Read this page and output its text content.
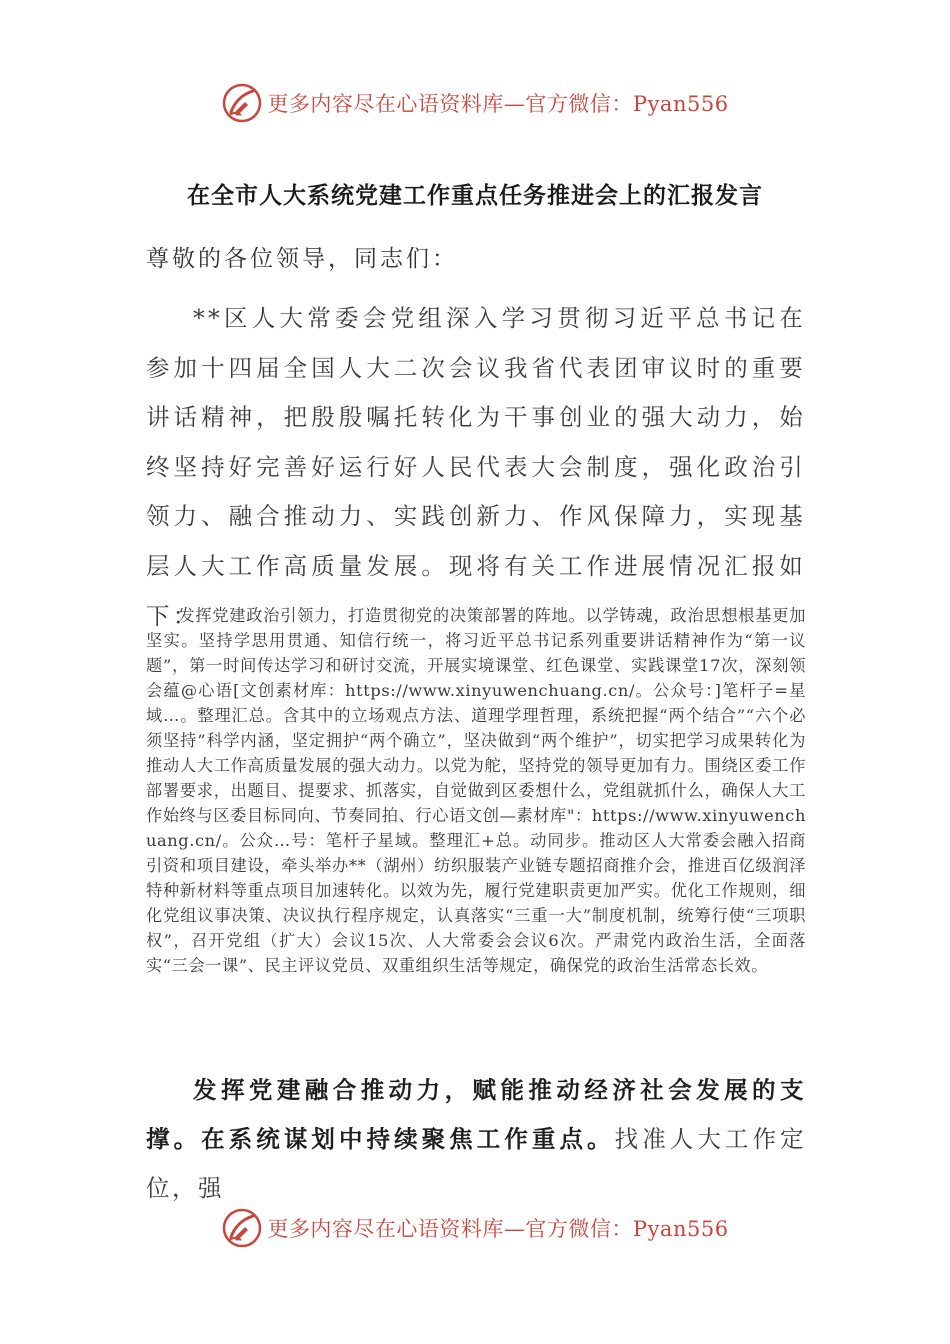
更多内容尽在心语资料库—官方微信：Pyan556
在全市人大系统党建工作重点任务推进会上的汇报发言
尊敬的各位领导，同志们：
**区人大常委会党组深入学习贯彻习近平总书记在参加十四届全国人大二次会议我省代表团审议时的重要讲话精神，把殷殷嘱托转化为干事创业的强大动力，始终坚持好完善好运行好人民代表大会制度，强化政治引领力、融合推动力、实践创新力、作风保障力，实现基层人大工作高质量发展。现将有关工作进展情况汇报如下：
发挥党建政治引领力，打造贯彻党的决策部署的阵地。以学铸魂，政治思想根基更加坚实。坚持学思用贯通、知信行统一，将习近平总书记系列重要讲话精神作为“第一议题”，第一时间传达学习和研讨交流，开展实境课堂、红色课堂、实践课堂17次，深刻领会蕴@心语[文创素材库：https://www.xinyuwenchuang.cn/。公众号：]笔杆子=星域…。整理汇总。含其中的立场观点方法、道理学理哲理，系统把握“两个结合”“六个必须坚持”科学内涵，坚定拥护“两个确立”，坚决做到“两个维护”，切实把学习成果转化为推动人大工作高质量发展的强大动力。以党为舵，坚持党的领导更加有力。围绕区委工作部署要求，出题目、提要求、抓落实，自觉做到区委想什么，党组就抓什么，确保人大工作始终与区委目标同向、节奏同拍、行心语文创—素材库"：https://www.xinyuwenchuang.cn/。公众…号：笔杆子星域。整理汇+总。动同步。推动区人大常委会融入招商引资和项目建设，牵头举办**（湖州）纺织服装产业链专题招商推介会，推进百亿级润泽特种新材料等重点项目加速转化。以效为先，履行党建职责更加严实。优化工作规则，细化党组议事决策、决议执行程序规定，认真落实“三重一大”制度机制，统筹行使“三项职权”，召开党组（扩大）会议15次、人大常委会会议6次。严肃党内政治生活，全面落实“三会一课”、民主评议党员、双重组织生活等规定，确保党的政治生活常态长效。
发挥党建融合推动力，赋能推动经济社会发展的支撑。在系统谋划中持续聚焦工作重点。找准人大工作定位，强
更多内容尽在心语资料库—官方微信：Pyan556
